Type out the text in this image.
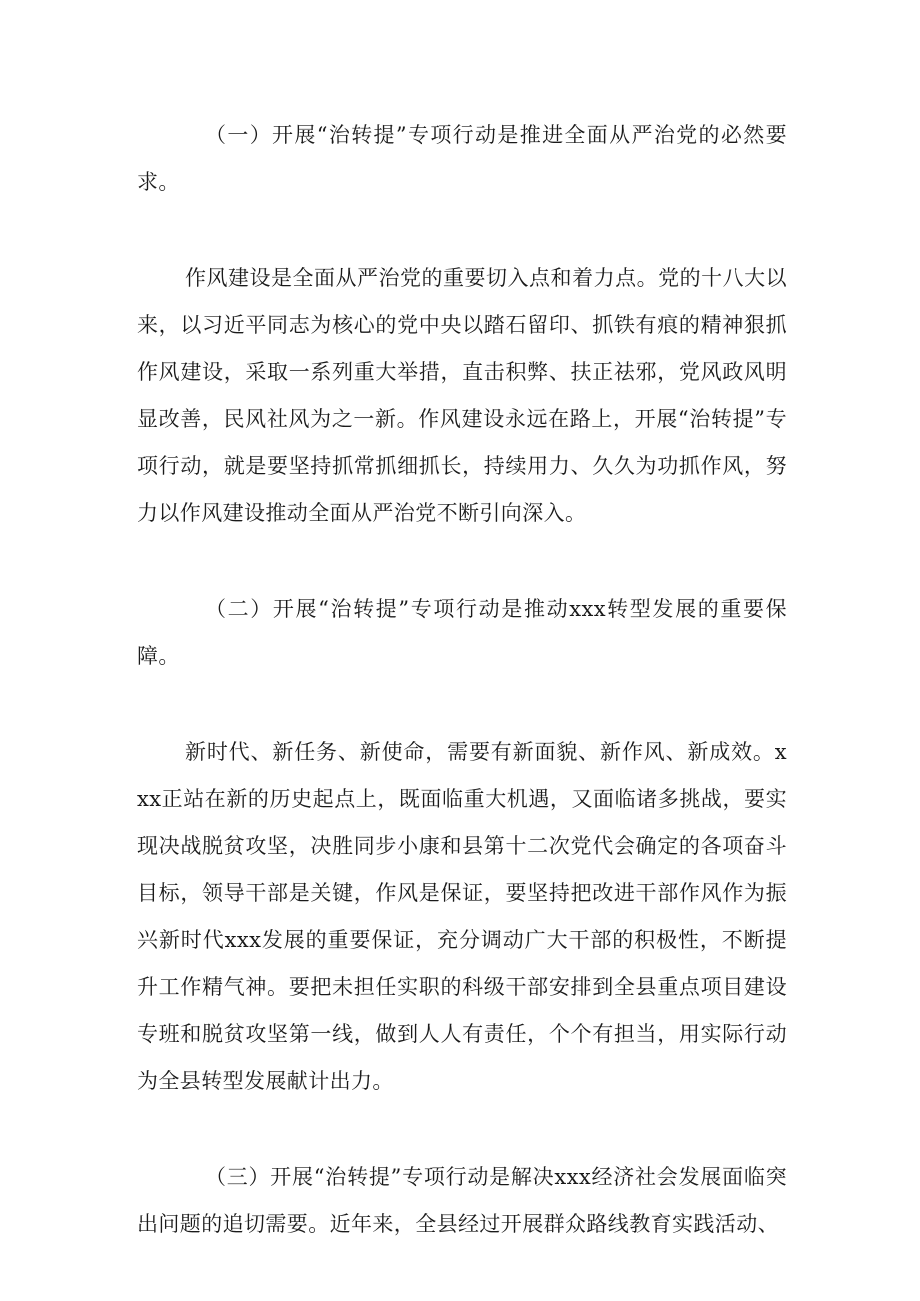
（一）开展“治转提”专项行动是推进全面从严治党的必然要求。

作风建设是全面从严治党的重要切入点和着力点。党的十八大以来，以习近平同志为核心的党中央以踏石留印、抓铁有痕的精神狠抓作风建设，采取一系列重大举措，直击积弊、扶正祛邪，党风政风明显改善，民风社风为之一新。作风建设永远在路上，开展“治转提”专项行动，就是要坚持抓常抓细抓长，持续用力、久久为功抓作风，努力以作风建设推动全面从严治党不断引向深入。

（二）开展“治转提”专项行动是推动xxx转型发展的重要保障。

新时代、新任务、新使命，需要有新面貌、新作风、新成效。xxx正站在新的历史起点上，既面临重大机遇，又面临诸多挑战，要实现决战脱贫攻坚，决胜同步小康和县第十二次党代会确定的各项奋斗目标，领导干部是关键，作风是保证，要坚持把改进干部作风作为振兴新时代xxx发展的重要保证，充分调动广大干部的积极性，不断提升工作精气神。要把未担任实职的科级干部安排到全县重点项目建设专班和脱贫攻坚第一线，做到人人有责任，个个有担当，用实际行动为全县转型发展献计出力。

（三）开展“治转提”专项行动是解决xxx经济社会发展面临突出问题的追切需要。近年来，全县经过开展群众路线教育实践活动、
